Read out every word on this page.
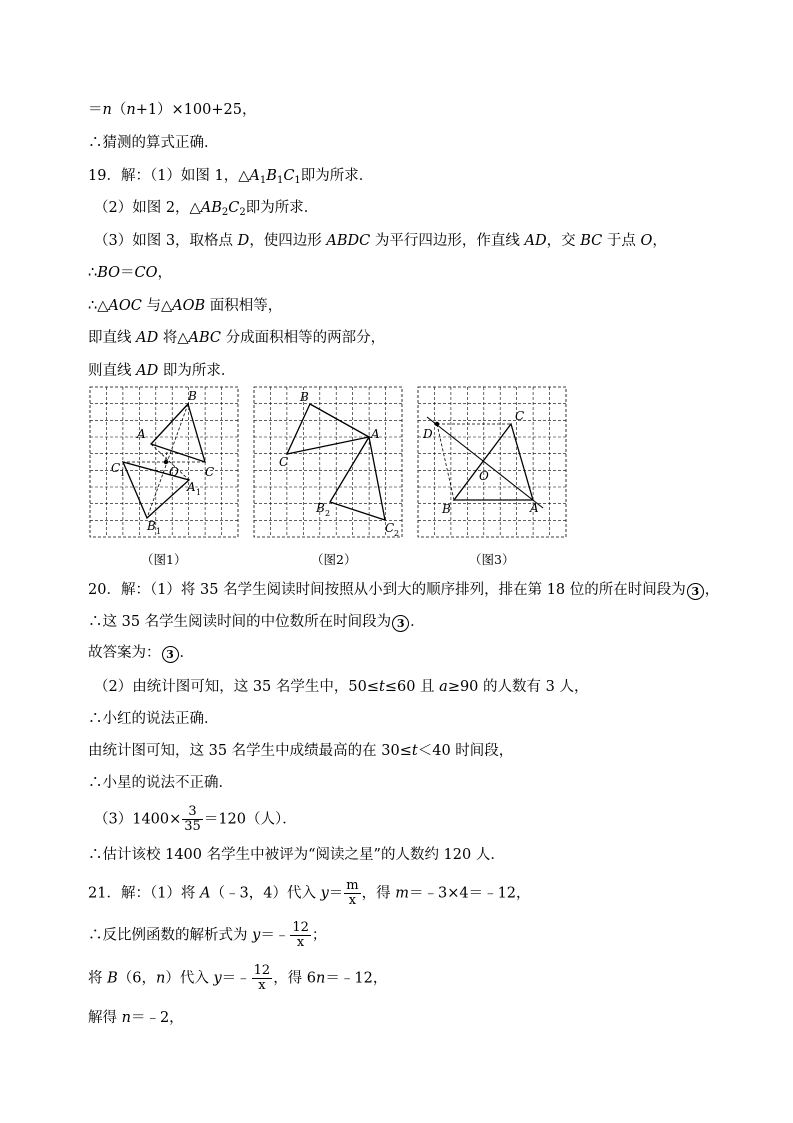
＝n（n+1）×100+25，
∴猜测的算式正确．
19．解：（1）如图 1，$\triangle A_1B_1C_1$即为所求．
（2）如图 2，$\triangle AB_2C_2$即为所求．
（3）如图 3，取格点 D，使四边形 ABDC 为平行四边形，作直线 AD，交 BC 于点 O，
∴BO＝CO，
∴△AOC 与△AOB 面积相等，
即直线 AD 将△ABC 分成面积相等的两部分，
则直线 AD 即为所求．
B
A
C 1	O C
A 1
B 1
（图1）
B
A
C
B 2
C 2
（图2）
C
D
O
B	A
（图3）
20．解：（1）将 35 名学生阅读时间按照从小到大的顺序排列，排在第 18 位的所在时间段为 3 ，
∴这 35 名学生阅读时间的中位数所在时间段为 3 ．
故答案为： 3 ．
（2）由统计图可知，这 35 名学生中，50≤t≤60 且 a≥90 的人数有 3 人，
∴小红的说法正确．
由统计图可知，这 35 名学生中成绩最高的在 30≤t＜40 时间段，
∴小星的说法不正确．
$(3)1400\times \frac{3}{35} =120$（人）．
∴估计该校 1400 名学生中被评为“阅读之星”的人数约 120 人．
21．解：（1）将 A（﹣3，4）代入 $y= \frac{m}{x}$ ，得 m＝﹣3×4＝﹣12，
∴反比例函数的解析式为 y＝﹣ $\frac{12}{x}$ ；
将 B（6，n）代入 y＝﹣ $\frac{12}{x}$ ，得 6n＝﹣12，
解得 n＝﹣2，
